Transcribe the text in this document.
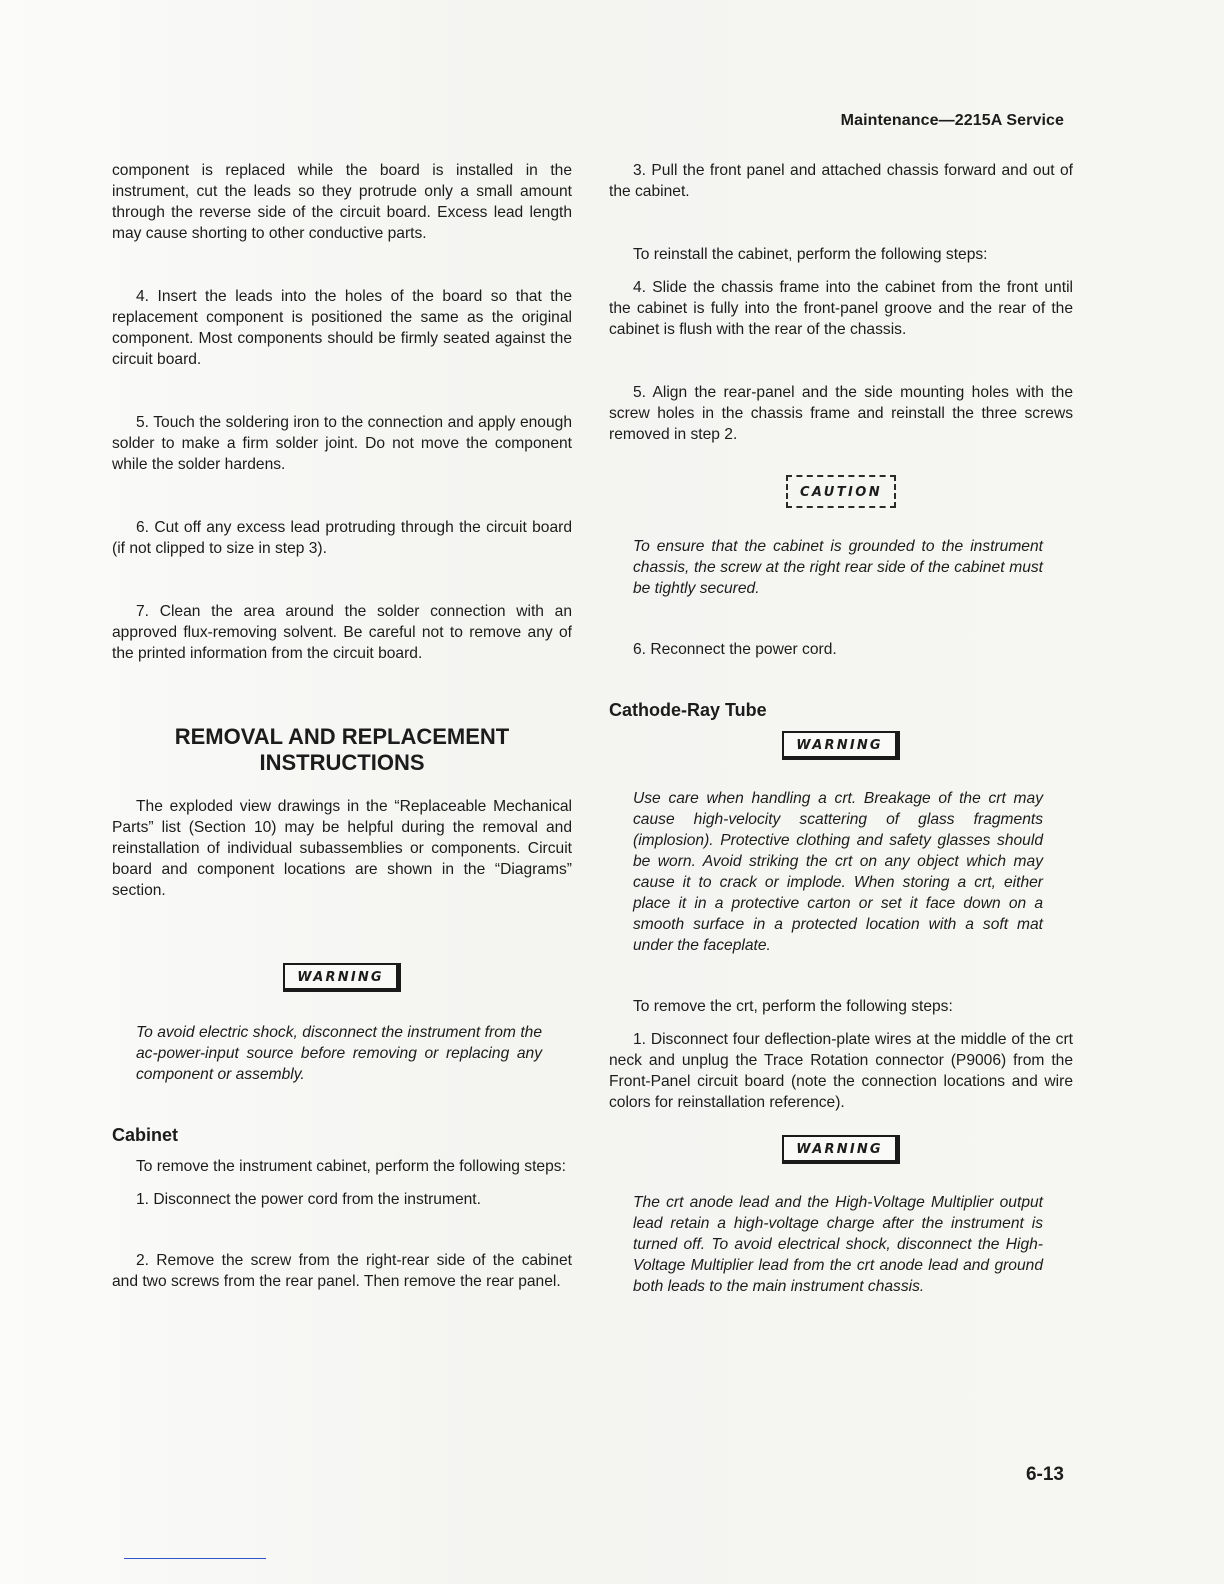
Maintenance—2215A Service

component is replaced while the board is installed in the instrument, cut the leads so they protrude only a small amount through the reverse side of the circuit board. Excess lead length may cause shorting to other conductive parts.

4. Insert the leads into the holes of the board so that the replacement component is positioned the same as the original component. Most components should be firmly seated against the circuit board.

5. Touch the soldering iron to the connection and apply enough solder to make a firm solder joint. Do not move the component while the solder hardens.

6. Cut off any excess lead protruding through the circuit board (if not clipped to size in step 3).

7. Clean the area around the solder connection with an approved flux-removing solvent. Be careful not to remove any of the printed information from the circuit board.

REMOVAL AND REPLACEMENT
INSTRUCTIONS

The exploded view drawings in the “Replaceable Mechanical Parts” list (Section 10) may be helpful during the removal and reinstallation of individual subassemblies or components. Circuit board and component locations are shown in the “Diagrams” section.

WARNING

To avoid electric shock, disconnect the instrument from the ac-power-input source before removing or replacing any component or assembly.

Cabinet

To remove the instrument cabinet, perform the following steps:

1. Disconnect the power cord from the instrument.

2. Remove the screw from the right-rear side of the cabinet and two screws from the rear panel. Then remove the rear panel.

3. Pull the front panel and attached chassis forward and out of the cabinet.

To reinstall the cabinet, perform the following steps:

4. Slide the chassis frame into the cabinet from the front until the cabinet is fully into the front-panel groove and the rear of the cabinet is flush with the rear of the chassis.

5. Align the rear-panel and the side mounting holes with the screw holes in the chassis frame and reinstall the three screws removed in step 2.

CAUTION

To ensure that the cabinet is grounded to the instrument chassis, the screw at the right rear side of the cabinet must be tightly secured.

6. Reconnect the power cord.

Cathode-Ray Tube
WARNING

Use care when handling a crt. Breakage of the crt may cause high-velocity scattering of glass fragments (implosion). Protective clothing and safety glasses should be worn. Avoid striking the crt on any object which may cause it to crack or implode. When storing a crt, either place it in a protective carton or set it face down on a smooth surface in a protected location with a soft mat under the faceplate.

To remove the crt, perform the following steps:

1. Disconnect four deflection-plate wires at the middle of the crt neck and unplug the Trace Rotation connector (P9006) from the Front-Panel circuit board (note the connection locations and wire colors for reinstallation reference).

WARNING

The crt anode lead and the High-Voltage Multiplier output lead retain a high-voltage charge after the instrument is turned off. To avoid electrical shock, disconnect the High-Voltage Multiplier lead from the crt anode lead and ground both leads to the main instrument chassis.

6-13
